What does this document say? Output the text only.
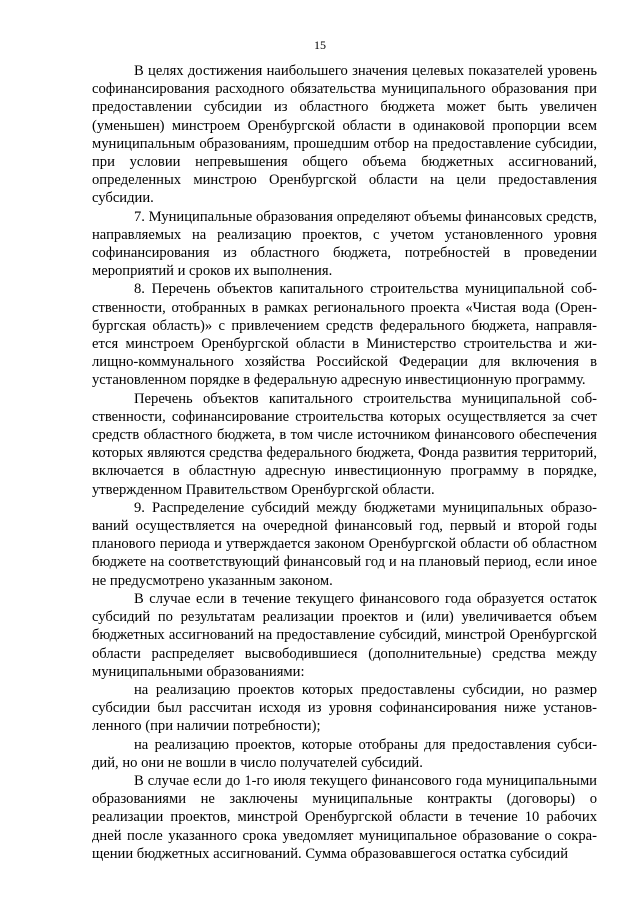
15

В целях достижения наибольшего значения целевых показателей уровень софинансирования расходного обязательства муниципального образования при предоставлении субсидии из областного бюджета может быть увеличен (уменьшен) минстроем Оренбургской области в одинаковой пропорции всем муниципальным образованиям, прошедшим отбор на предоставление субсидии, при условии непревышения общего объема бюджетных ассигнований, определенных минстрою Оренбургской области на цели предоставления субсидии.

7. Муниципальные образования определяют объемы финансовых средств, направляемых на реализацию проектов, с учетом установленного уровня софинансирования из областного бюджета, потребностей в проведении мероприятий и сроков их выполнения.

8. Перечень объектов капитального строительства муниципальной собственности, отобранных в рамках регионального проекта «Чистая вода (Оренбургская область)» с привлечением средств федерального бюджета, направляется минстроем Оренбургской области в Министерство строительства и жилищно-коммунального хозяйства Российской Федерации для включения в установленном порядке в федеральную адресную инвестиционную программу.

Перечень объектов капитального строительства муниципальной собственности, софинансирование строительства которых осуществляется за счет средств областного бюджета, в том числе источником финансового обеспечения которых являются средства федерального бюджета, Фонда развития территорий, включается в областную адресную инвестиционную программу в порядке, утвержденном Правительством Оренбургской области.

9. Распределение субсидий между бюджетами муниципальных образований осуществляется на очередной финансовый год, первый и второй годы планового периода и утверждается законом Оренбургской области об областном бюджете на соответствующий финансовый год и на плановый период, если иное не предусмотрено указанным законом.

В случае если в течение текущего финансового года образуется остаток субсидий по результатам реализации проектов и (или) увеличивается объем бюджетных ассигнований на предоставление субсидий, минстрой Оренбургской области распределяет высвободившиеся (дополнительные) средства между муниципальными образованиями:

на реализацию проектов которых предоставлены субсидии, но размер субсидии был рассчитан исходя из уровня софинансирования ниже установленного (при наличии потребности);

на реализацию проектов, которые отобраны для предоставления субсидий, но они не вошли в число получателей субсидий.

В случае если до 1-го июля текущего финансового года муниципальными образованиями не заключены муниципальные контракты (договоры) о реализации проектов, минстрой Оренбургской области в течение 10 рабочих дней после указанного срока уведомляет муниципальное образование о сокращении бюджетных ассигнований. Сумма образовавшегося остатка субсидий
